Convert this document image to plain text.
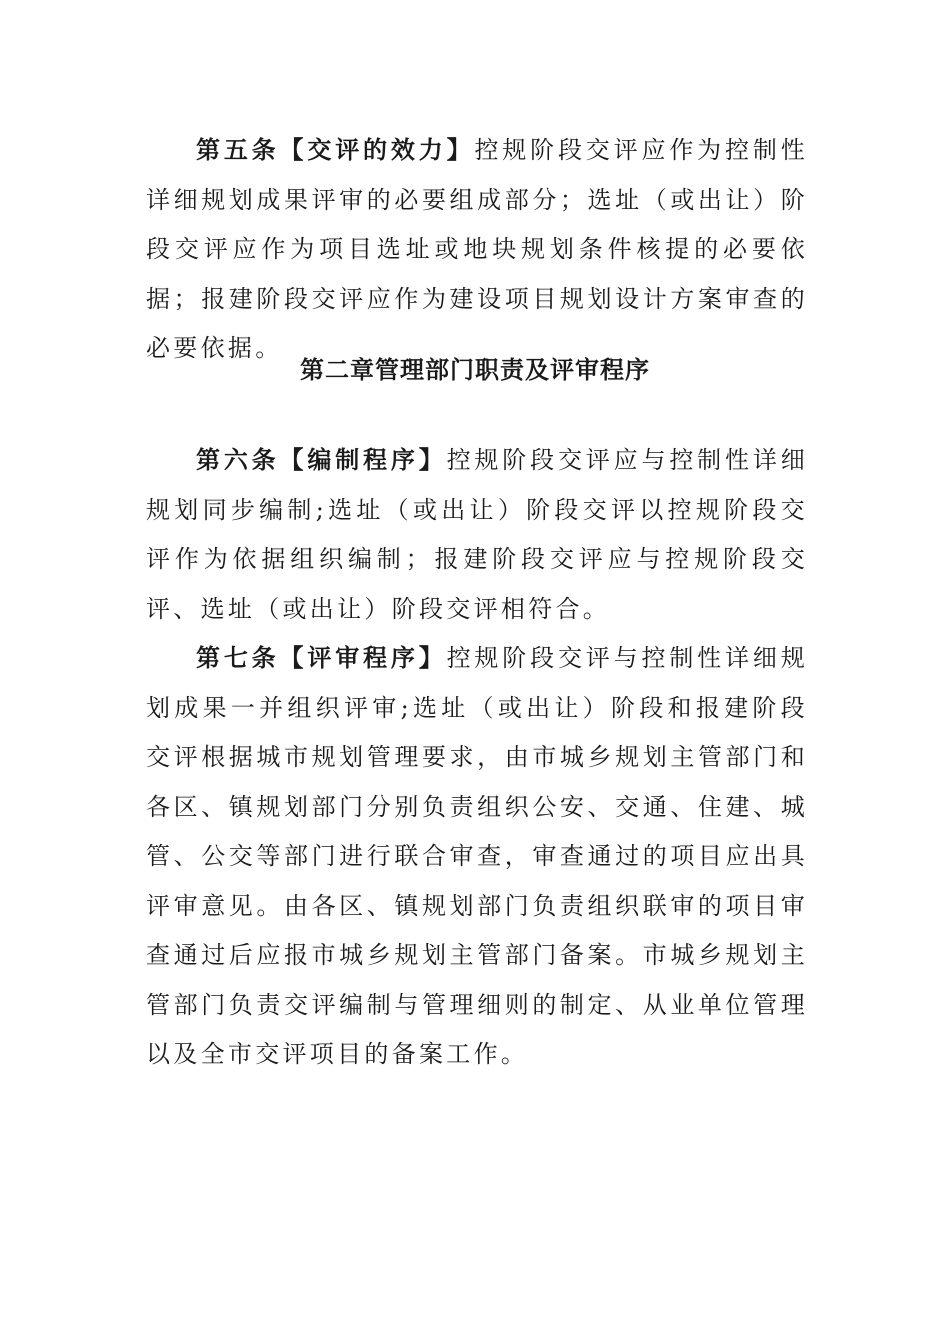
第五条【交评的效力】控规阶段交评应作为控制性详细规划成果评审的必要组成部分；选址（或出让）阶段交评应作为项目选址或地块规划条件核提的必要依据；报建阶段交评应作为建设项目规划设计方案审查的必要依据。

第二章管理部门职责及评审程序

第六条【编制程序】控规阶段交评应与控制性详细规划同步编制;选址（或出让）阶段交评以控规阶段交评作为依据组织编制；报建阶段交评应与控规阶段交评、选址（或出让）阶段交评相符合。

第七条【评审程序】控规阶段交评与控制性详细规划成果一并组织评审;选址（或出让）阶段和报建阶段交评根据城市规划管理要求，由市城乡规划主管部门和各区、镇规划部门分别负责组织公安、交通、住建、城管、公交等部门进行联合审查，审查通过的项目应出具评审意见。由各区、镇规划部门负责组织联审的项目审查通过后应报市城乡规划主管部门备案。市城乡规划主管部门负责交评编制与管理细则的制定、从业单位管理以及全市交评项目的备案工作。
